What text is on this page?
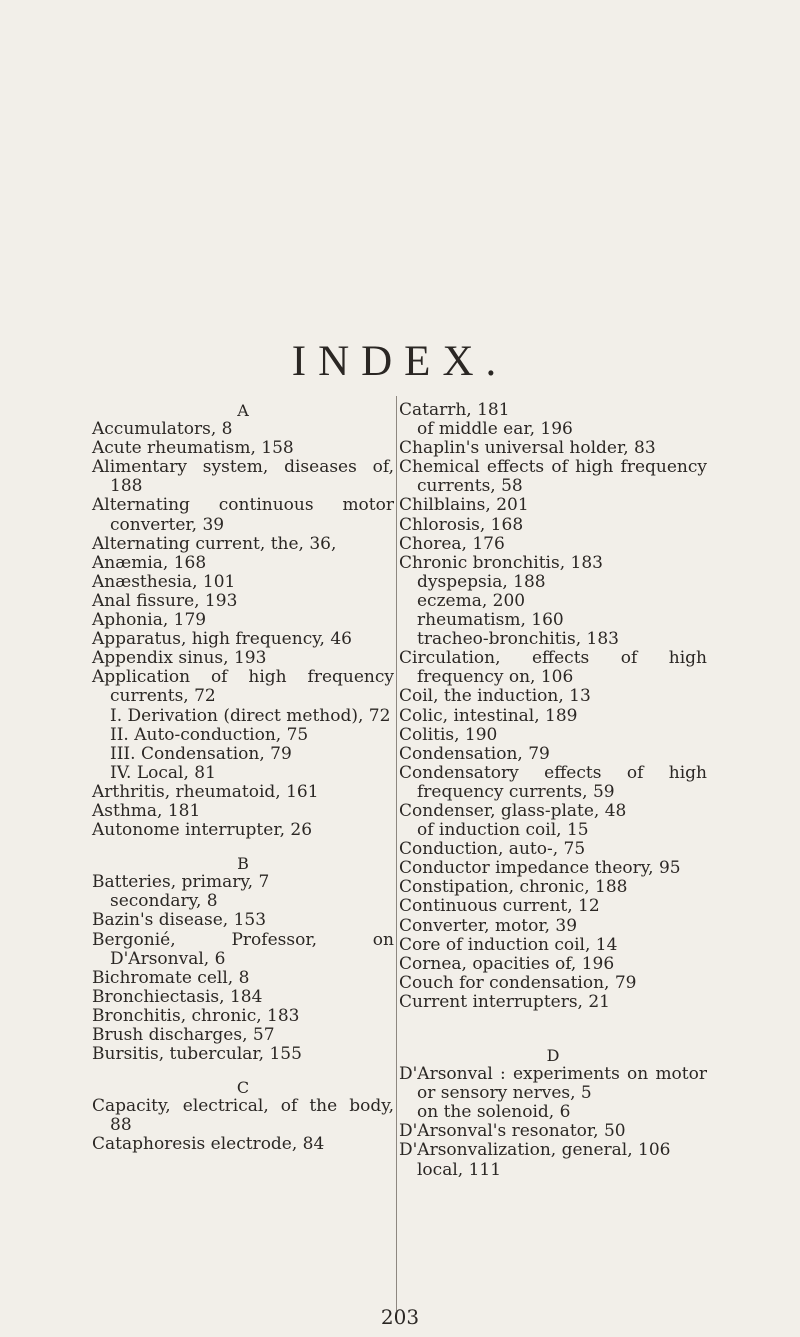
INDEX.
A
Accumulators, 8
Acute rheumatism, 158
Alimentary system, diseases of, 188
Alternating continuous motor converter, 39
Alternating current, the, 36,
Anæmia, 168
Anæsthesia, 101
Anal fissure, 193
Aphonia, 179
Apparatus, high frequency, 46
Appendix sinus, 193
Application of high frequency currents, 72
I. Derivation (direct method), 72
II. Auto-conduction, 75
III. Condensation, 79
IV. Local, 81
Arthritis, rheumatoid, 161
Asthma, 181
Autonome interrupter, 26
B
Batteries, primary, 7
secondary, 8
Bazin's disease, 153
Bergonié, Professor, on D'Arsonval, 6
Bichromate cell, 8
Bronchiectasis, 184
Bronchitis, chronic, 183
Brush discharges, 57
Bursitis, tubercular, 155
C
Capacity, electrical, of the body, 88
Cataphoresis electrode, 84
Catarrh, 181
of middle ear, 196
Chaplin's universal holder, 83
Chemical effects of high frequency currents, 58
Chilblains, 201
Chlorosis, 168
Chorea, 176
Chronic bronchitis, 183
dyspepsia, 188
eczema, 200
rheumatism, 160
tracheo-bronchitis, 183
Circulation, effects of high frequency on, 106
Coil, the induction, 13
Colic, intestinal, 189
Colitis, 190
Condensation, 79
Condensatory effects of high frequency currents, 59
Condenser, glass-plate, 48
of induction coil, 15
Conduction, auto-, 75
Conductor impedance theory, 95
Constipation, chronic, 188
Continuous current, 12
Converter, motor, 39
Core of induction coil, 14
Cornea, opacities of, 196
Couch for condensation, 79
Current interrupters, 21
D
D'Arsonval : experiments on motor or sensory nerves, 5
on the solenoid, 6
D'Arsonval's resonator, 50
D'Arsonvalization, general, 106
local, 111
203
